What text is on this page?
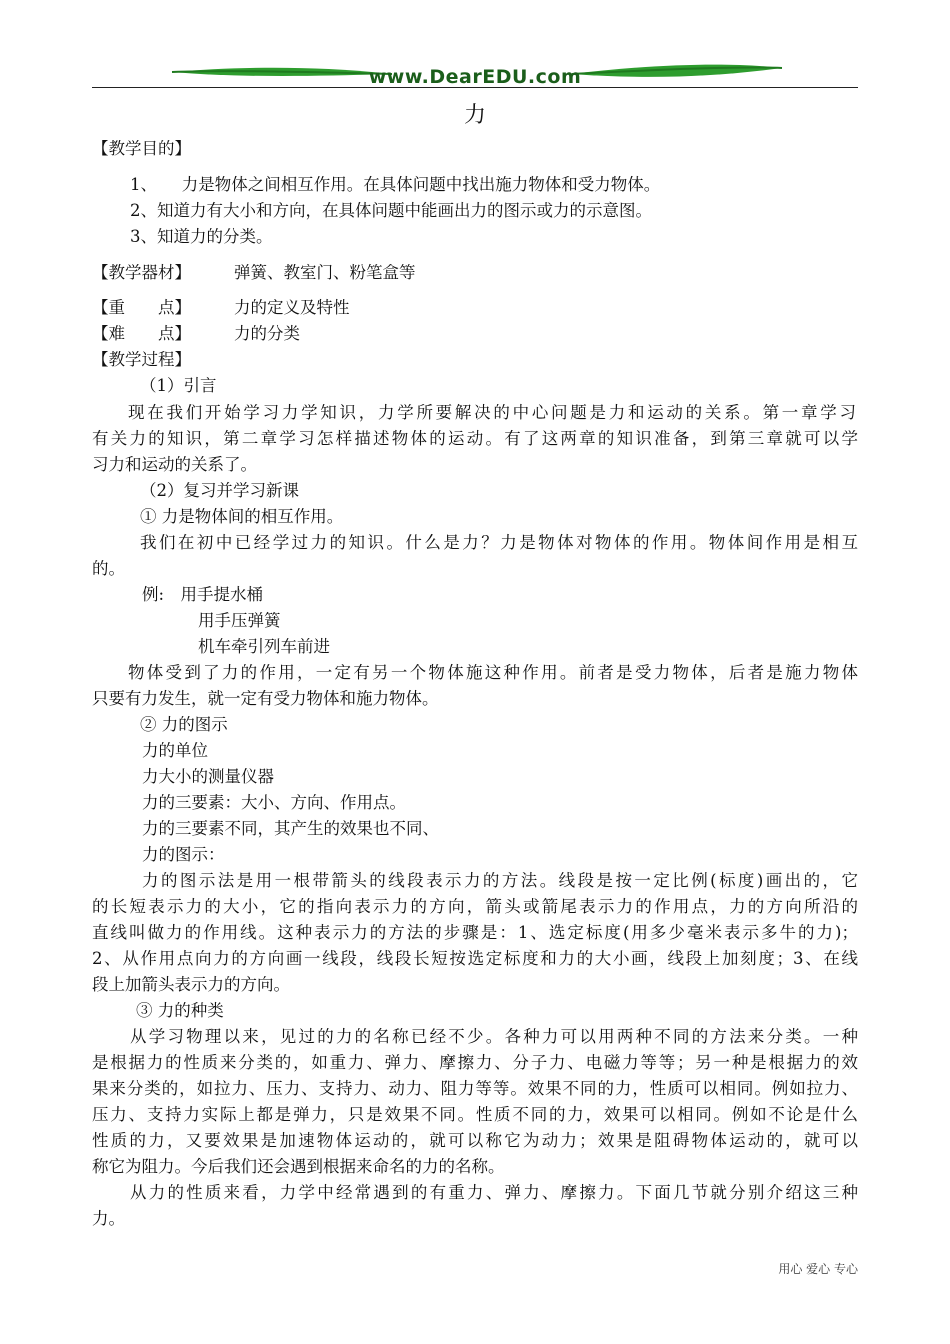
www.DearEDU.com
力
【教学目的】
1、　　力是物体之间相互作用。在具体问题中找出施力物体和受力物体。
2、知道力有大小和方向，在具体问题中能画出力的图示或力的示意图。
3、知道力的分类。
【教学器材】	弹簧、教室门、粉笔盒等
【重　　点】	力的定义及特性
【难　　点】	力的分类
【教学过程】
（1）引言
现在我们开始学习力学知识，力学所要解决的中心问题是力和运动的关系。第一章学习
有关力的知识，第二章学习怎样描述物体的运动。有了这两章的知识准备，到第三章就可以学
习力和运动的关系了。
（2）复习并学习新课
① 力是物体间的相互作用。
我们在初中已经学过力的知识。什么是力？力是物体对物体的作用。物体间作用是相互
的。
例:　用手提水桶
用手压弹簧
机车牵引列车前进
物体受到了力的作用，一定有另一个物体施这种作用。前者是受力物体，后者是施力物体
只要有力发生，就一定有受力物体和施力物体。
② 力的图示
力的单位
力大小的测量仪器
力的三要素：大小、方向、作用点。
力的三要素不同，其产生的效果也不同、
力的图示：
力的图示法是用一根带箭头的线段表示力的方法。线段是按一定比例(标度)画出的，它
的长短表示力的大小，它的指向表示力的方向，箭头或箭尾表示力的作用点，力的方向所沿的
直线叫做力的作用线。这种表示力的方法的步骤是：1、选定标度(用多少毫米表示多牛的力)；
2、从作用点向力的方向画一线段，线段长短按选定标度和力的大小画，线段上加刻度；3、在线
段上加箭头表示力的方向。
③ 力的种类
从学习物理以来，见过的力的名称已经不少。各种力可以用两种不同的方法来分类。一种
是根据力的性质来分类的，如重力、弹力、摩擦力、分子力、电磁力等等；另一种是根据力的效
果来分类的，如拉力、压力、支持力、动力、阻力等等。效果不同的力，性质可以相同。例如拉力、
压力、支持力实际上都是弹力，只是效果不同。性质不同的力，效果可以相同。例如不论是什么
性质的力，又要效果是加速物体运动的，就可以称它为动力；效果是阻碍物体运动的，就可以
称它为阻力。今后我们还会遇到根据来命名的力的名称。
从力的性质来看，力学中经常遇到的有重力、弹力、摩擦力。下面几节就分别介绍这三种
力。
用心 爱心 专心
